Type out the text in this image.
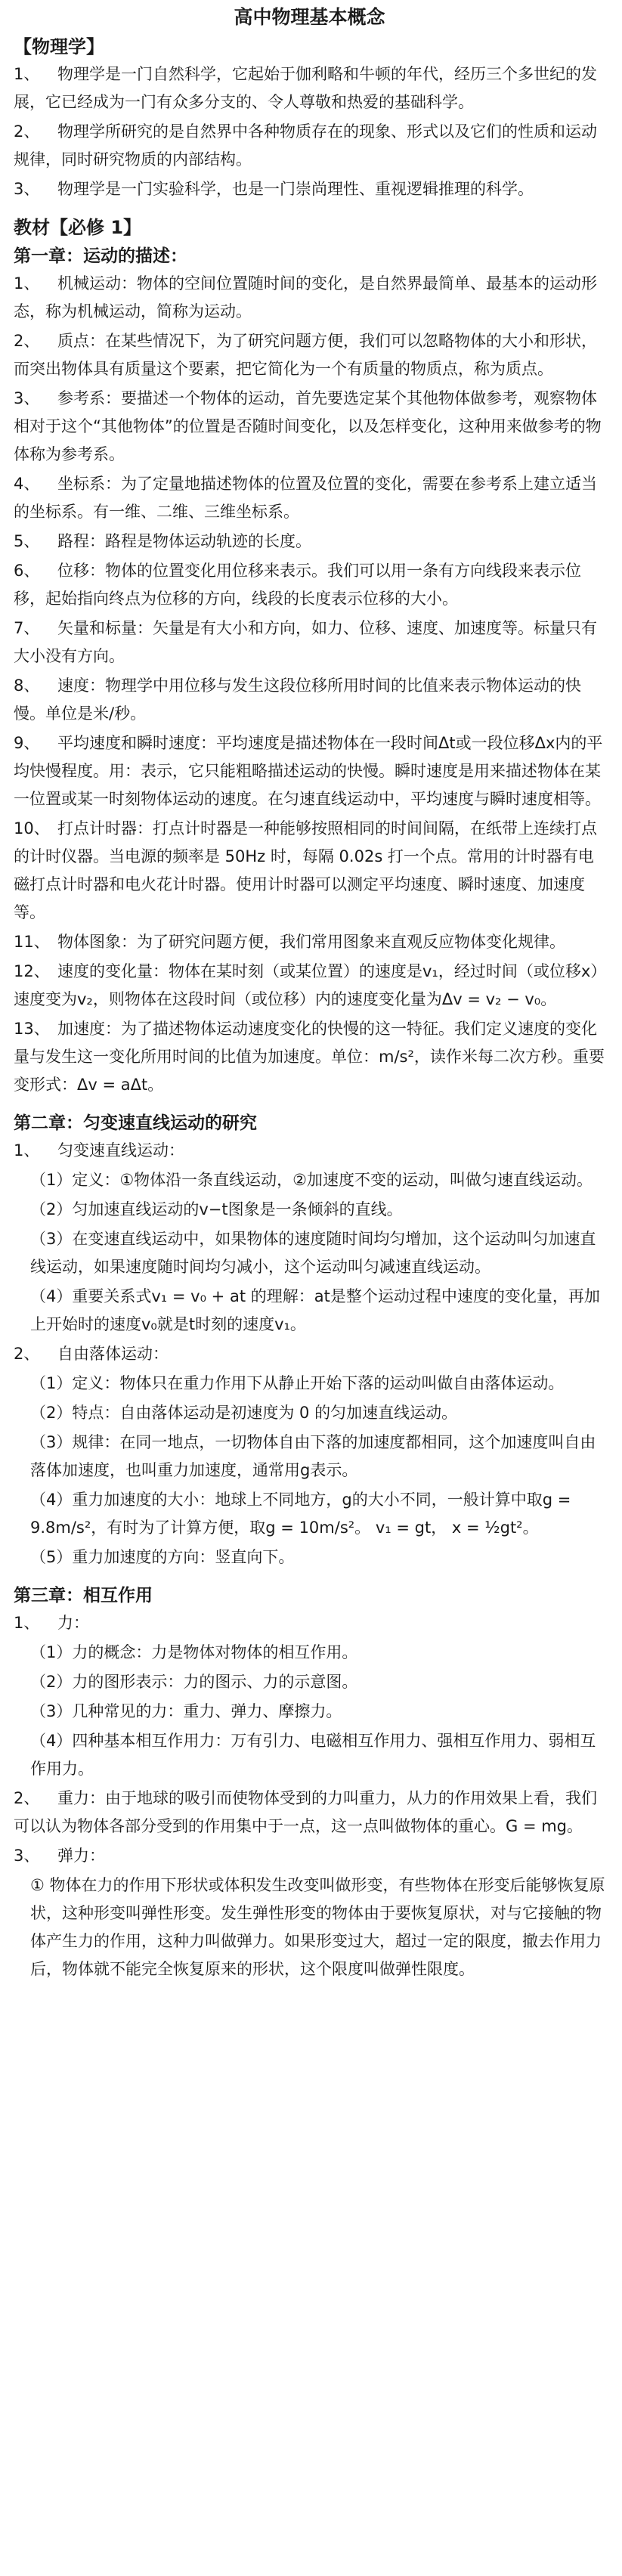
高中物理基本概念
【物理学】
1、 物理学是一门自然科学，它起始于伽利略和牛顿的年代，经历三个多世纪的发展，它已经成为一门有众多分支的、令人尊敬和热爱的基础科学。
2、 物理学所研究的是自然界中各种物质存在的现象、形式以及它们的性质和运动规律，同时研究物质的内部结构。
3、 物理学是一门实验科学，也是一门崇尚理性、重视逻辑推理的科学。
教材【必修 1】
第一章：运动的描述：
1、 机械运动：物体的空间位置随时间的变化，是自然界最简单、最基本的运动形态，称为机械运动，简称为运动。
2、 质点：在某些情况下，为了研究问题方便，我们可以忽略物体的大小和形状，而突出物体具有质量这个要素，把它简化为一个有质量的物质点，称为质点。
3、 参考系：要描述一个物体的运动，首先要选定某个其他物体做参考，观察物体相对于这个“其他物体”的位置是否随时间变化，以及怎样变化，这种用来做参考的物体称为参考系。
4、 坐标系：为了定量地描述物体的位置及位置的变化，需要在参考系上建立适当的坐标系。有一维、二维、三维坐标系。
5、 路程：路程是物体运动轨迹的长度。
6、 位移：物体的位置变化用位移来表示。我们可以用一条有方向线段来表示位移，起始指向终点为位移的方向，线段的长度表示位移的大小。
7、 矢量和标量：矢量是有大小和方向，如力、位移、速度、加速度等。标量只有大小没有方向。
8、 速度：物理学中用位移与发生这段位移所用时间的比值来表示物体运动的快慢。单位是米/秒。
9、 平均速度和瞬时速度：平均速度是描述物体在一段时间Δt或一段位移Δx内的平均快慢程度。用：表示，它只能粗略描述运动的快慢。瞬时速度是用来描述物体在某一位置或某一时刻物体运动的速度。在匀速直线运动中，平均速度与瞬时速度相等。
10、 打点计时器：打点计时器是一种能够按照相同的时间间隔，在纸带上连续打点的计时仪器。当电源的频率是 50Hz 时，每隔 0.02s 打一个点。常用的计时器有电磁打点计时器和电火花计时器。使用计时器可以测定平均速度、瞬时速度、加速度等。
11、 物体图象：为了研究问题方便，我们常用图象来直观反应物体变化规律。
12、 速度的变化量：物体在某时刻（或某位置）的速度是v₁，经过时间（或位移x）速度变为v₂，则物体在这段时间（或位移）内的速度变化量为Δv = v₂ − v₀。
13、 加速度：为了描述物体运动速度变化的快慢的这一特征。我们定义速度的变化量与发生这一变化所用时间的比值为加速度。单位：m/s²，读作米每二次方秒。重要变形式：Δv = aΔt。
第二章：匀变速直线运动的研究
1、 匀变速直线运动：
（1）定义：①物体沿一条直线运动，②加速度不变的运动，叫做匀速直线运动。
（2）匀加速直线运动的v−t图象是一条倾斜的直线。
（3）在变速直线运动中，如果物体的速度随时间均匀增加，这个运动叫匀加速直线运动，如果速度随时间均匀减小，这个运动叫匀减速直线运动。
（4）重要关系式v₁ = v₀ + at 的理解：at是整个运动过程中速度的变化量，再加上开始时的速度v₀就是t时刻的速度v₁。
2、 自由落体运动：
（1）定义：物体只在重力作用下从静止开始下落的运动叫做自由落体运动。
（2）特点：自由落体运动是初速度为 0 的匀加速直线运动。
（3）规律：在同一地点，一切物体自由下落的加速度都相同，这个加速度叫自由落体加速度，也叫重力加速度，通常用g表示。
（4）重力加速度的大小：地球上不同地方，g的大小不同，一般计算中取g = 9.8m/s²，有时为了计算方便，取g = 10m/s²。 v₁ = gt， x = ½gt²。
（5）重力加速度的方向：竖直向下。
第三章：相互作用
1、 力：
（1）力的概念：力是物体对物体的相互作用。
（2）力的图形表示：力的图示、力的示意图。
（3）几种常见的力：重力、弹力、摩擦力。
（4）四种基本相互作用力：万有引力、电磁相互作用力、强相互作用力、弱相互作用力。
2、 重力：由于地球的吸引而使物体受到的力叫重力，从力的作用效果上看，我们可以认为物体各部分受到的作用集中于一点，这一点叫做物体的重心。G = mg。
3、 弹力：
① 物体在力的作用下形状或体积发生改变叫做形变，有些物体在形变后能够恢复原状，这种形变叫弹性形变。发生弹性形变的物体由于要恢复原状，对与它接触的物体产生力的作用，这种力叫做弹力。如果形变过大，超过一定的限度，撤去作用力后，物体就不能完全恢复原来的形状，这个限度叫做弹性限度。
